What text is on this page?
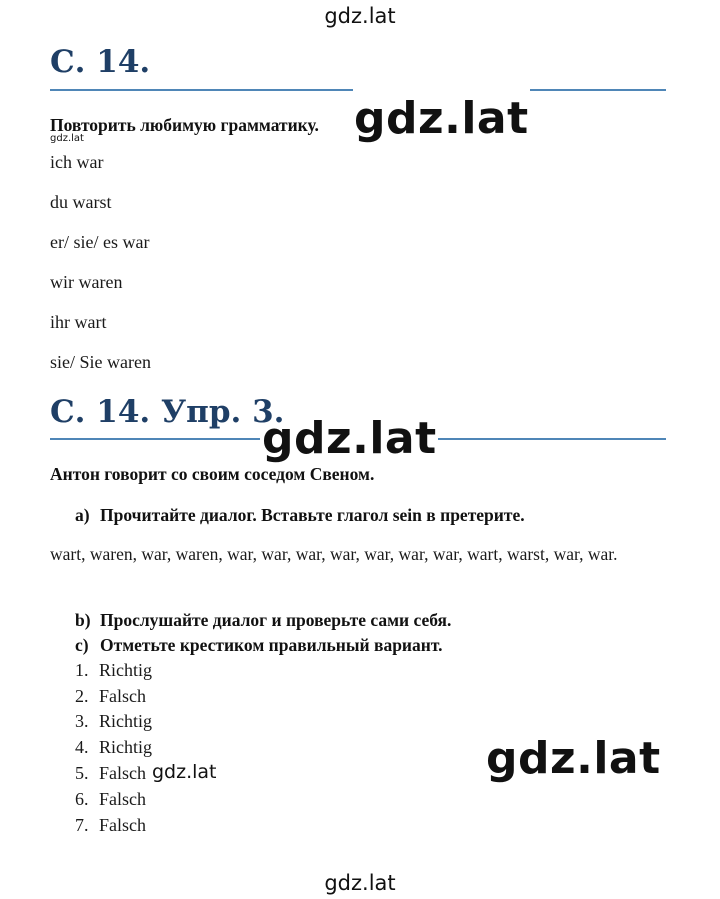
gdz.lat
С. 14.
Повторить любимую грамматику. gdz.lat
gdz.lat
ich war
du warst
er/ sie/ es war
wir waren
ihr wart
sie/ Sie waren
С. 14. Упр. 3.
gdz.lat
Антон говорит со своим соседом Свеном.
a) Прочитайте диалог. Вставьте глагол sein в претерите.
wart, waren, war, waren, war, war, war, war, war, war, war, wart, warst, war, war.
b) Прослушайте диалог и проверьте сами себя.
c) Отметьте крестиком правильный вариант.
1. Richtig
2. Falsch
3. Richtig
4. Richtig
5. Falsch
6. Falsch
7. Falsch
gdz.lat	gdz.lat
gdz.lat
